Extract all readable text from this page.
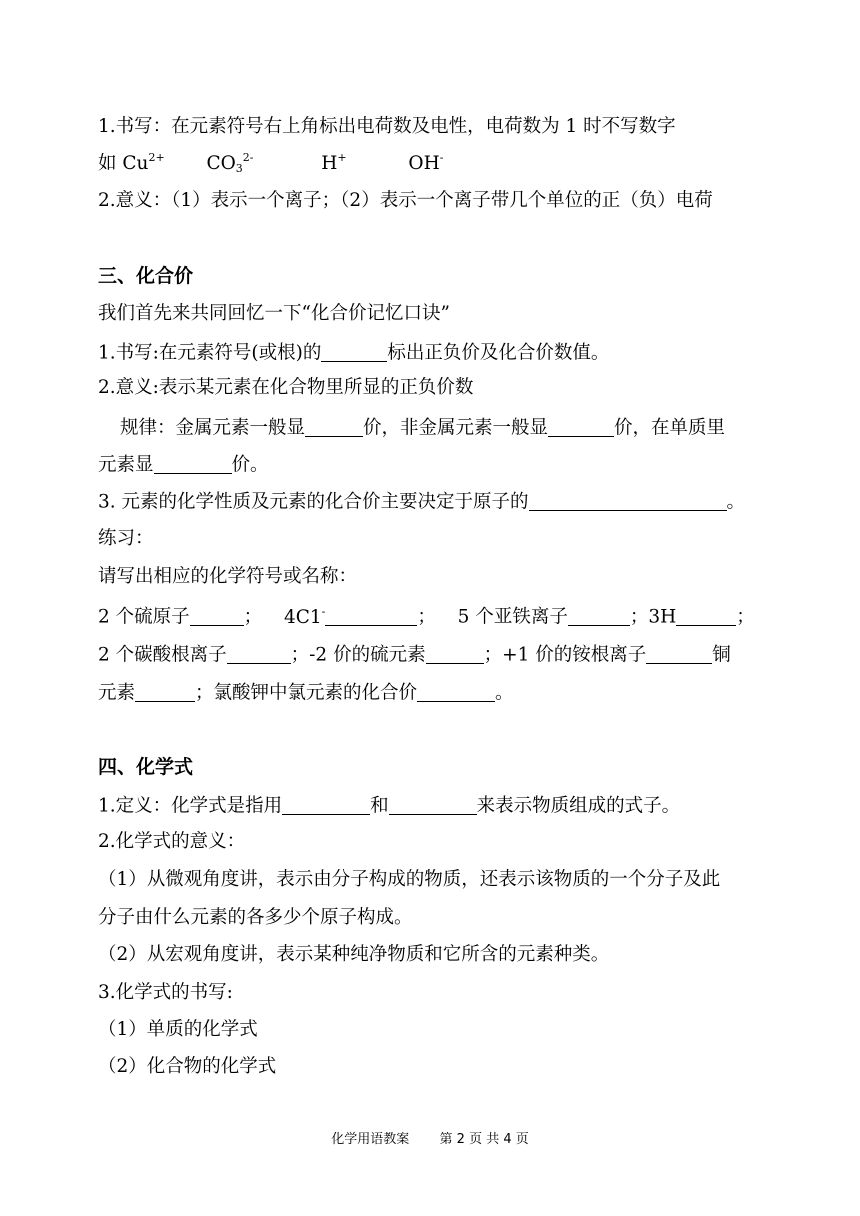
1.书写：在元素符号右上角标出电荷数及电性，电荷数为 1 时不写数字
如 $Cu^{2+}$ $CO_3^{2-}$	H+	OH-
2.意义：（1）表示一个离子；（2）表示一个离子带几个单位的正（负）电荷
三、化合价
我们首先来共同回忆一下“化合价记忆口诀”
1.书写:在元素符号(或根)的	标出正负价及化合价数值。
2.意义:表示某元素在化合物里所显的正负价数
规律：金属元素一般显	价，非金属元素一般显	价，在单质里
元素显	价。
3. 元素的化学性质及元素的化合价主要决定于原子的	。
练习：
请写出相应的化学符号或名称：
2 个硫原子	； 4C1-	； 5 个亚铁离子	；3H	；
2 个碳酸根离子	；-2 价的硫元素	；+1 价的铵根离子	铜
元素	；氯酸钾中氯元素的化合价	。
四、化学式
1.定义：化学式是指用	和	来表示物质组成的式子。
2.化学式的意义：
（1）从微观角度讲，表示由分子构成的物质，还表示该物质的一个分子及此
分子由什么元素的各多少个原子构成。
（2）从宏观角度讲，表示某种纯净物质和它所含的元素种类。
3.化学式的书写:
（1）单质的化学式
（2）化合物的化学式
化学用语教案 第 2 页 共 4 页
